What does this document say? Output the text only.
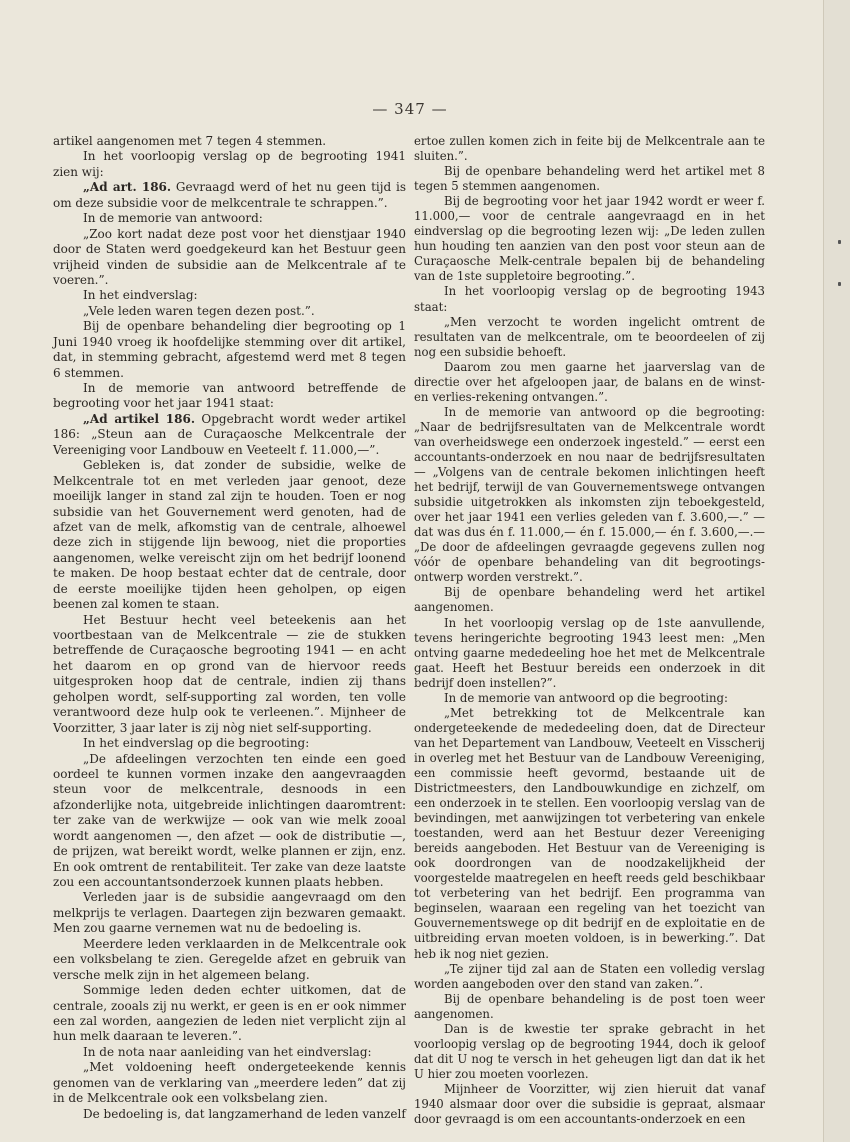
— 347 —

artikel aangenomen met 7 tegen 4 stemmen.

In het voorloopig verslag op de begrooting 1941 zien wij:

„Ad art. 186. Gevraagd werd of het nu geen tijd is om deze subsidie voor de melkcentrale te schrappen.”.

In de memorie van antwoord:

„Zoo kort nadat deze post voor het dienstjaar 1940 door de Staten werd goedgekeurd kan het Bestuur geen vrijheid vinden de subsidie aan de Melkcentrale af te voeren.”.

In het eindverslag:

„Vele leden waren tegen dezen post.”.

Bij de openbare behandeling dier begrooting op 1 Juni 1940 vroeg ik hoofdelijke stemming over dit artikel, dat, in stemming gebracht, afgestemd werd met 8 tegen 6 stemmen.

In de memorie van antwoord betreffende de begrooting voor het jaar 1941 staat:

„Ad artikel 186. Opgebracht wordt weder artikel 186: „Steun aan de Curaçaosche Melkcentrale der Vereeniging voor Landbouw en Veeteelt f. 11.000,—”.

Gebleken is, dat zonder de subsidie, welke de Melkcentrale tot en met verleden jaar genoot, deze moeilijk langer in stand zal zijn te houden. Toen er nog subsidie van het Gouvernement werd genoten, had de afzet van de melk, afkomstig van de centrale, alhoewel deze zich in stijgende lijn bewoog, niet die proporties aangenomen, welke vereischt zijn om het bedrijf loonend te maken. De hoop bestaat echter dat de centrale, door de eerste moeilijke tijden heen geholpen, op eigen beenen zal komen te staan.

Het Bestuur hecht veel beteekenis aan het voortbestaan van de Melkcentrale — zie de stukken betreffende de Curaçaosche begrooting 1941 — en acht het daarom en op grond van de hiervoor reeds uitgesproken hoop dat de centrale, indien zij thans geholpen wordt, self-supporting zal worden, ten volle verantwoord deze hulp ook te verleenen.”. Mijnheer de Voorzitter, 3 jaar later is zij nòg niet self-supporting.

In het eindverslag op die begrooting:

„De afdeelingen verzochten ten einde een goed oordeel te kunnen vormen inzake den aangevraagden steun voor de melkcentrale, desnoods in een afzonderlijke nota, uitgebreide inlichtingen daaromtrent: ter zake van de werkwijze — ook van wie melk zooal wordt aangenomen —, den afzet — ook de distributie —, de prijzen, wat bereikt wordt, welke plannen er zijn, enz. En ook omtrent de rentabiliteit. Ter zake van deze laatste zou een accountantsonderzoek kunnen plaats hebben.

Verleden jaar is de subsidie aangevraagd om den melkprijs te verlagen. Daartegen zijn bezwaren gemaakt. Men zou gaarne vernemen wat nu de bedoeling is.

Meerdere leden verklaarden in de Melkcentrale ook een volksbelang te zien. Geregelde afzet en gebruik van versche melk zijn in het algemeen belang.

Sommige leden deden echter uitkomen, dat de centrale, zooals zij nu werkt, er geen is en er ook nimmer een zal worden, aangezien de leden niet verplicht zijn al hun melk daaraan te leveren.”.

In de nota naar aanleiding van het eindverslag:

„Met voldoening heeft ondergeteekende kennis genomen van de verklaring van „meerdere leden” dat zij in de Melkcentrale ook een volksbelang zien.

De bedoeling is, dat langzamerhand de leden vanzelf

ertoe zullen komen zich in feite bij de Melkcentrale aan te sluiten.”.

Bij de openbare behandeling werd het artikel met 8 tegen 5 stemmen aangenomen.

Bij de begrooting voor het jaar 1942 wordt er weer f. 11.000,— voor de centrale aangevraagd en in het eindverslag op die begrooting lezen wij: „De leden zullen hun houding ten aanzien van den post voor steun aan de Curaçaosche Melk-centrale bepalen bij de behandeling van de 1ste suppletoire begrooting.”.

In het voorloopig verslag op de begrooting 1943 staat:

„Men verzocht te worden ingelicht omtrent de resultaten van de melkcentrale, om te beoordeelen of zij nog een subsidie behoeft.

Daarom zou men gaarne het jaarverslag van de directie over het afgeloopen jaar, de balans en de winst- en verlies-rekening ontvangen.”.

In de memorie van antwoord op die begrooting: „Naar de bedrijfsresultaten van de Melkcentrale wordt van overheidswege een onderzoek ingesteld.” — eerst een accountants-onderzoek en nou naar de bedrijfsresultaten — „Volgens van de centrale bekomen inlichtingen heeft het bedrijf, terwijl de van Gouvernementswege ontvangen subsidie uitgetrokken als inkomsten zijn teboekgesteld, over het jaar 1941 een verlies geleden van f. 3.600,—.” — dat was dus én f. 11.000,— én f. 15.000,— én f. 3.600,—.— „De door de afdeelingen gevraagde gegevens zullen nog vóór de openbare behandeling van dit begrootings-ontwerp worden verstrekt.”.

Bij de openbare behandeling werd het artikel aangenomen.

In het voorloopig verslag op de 1ste aanvullende, tevens heringerichte begrooting 1943 leest men: „Men ontving gaarne mededeeling hoe het met de Melkcentrale gaat. Heeft het Bestuur bereids een onderzoek in dit bedrijf doen instellen?”.

In de memorie van antwoord op die begrooting:

„Met betrekking tot de Melkcentrale kan ondergeteekende de mededeeling doen, dat de Directeur van het Departement van Landbouw, Veeteelt en Visscherij in overleg met het Bestuur van de Landbouw Vereeniging, een commissie heeft gevormd, bestaande uit de Districtmeesters, den Landbouwkundige en zichzelf, om een onderzoek in te stellen. Een voorloopig verslag van de bevindingen, met aanwijzingen tot verbetering van enkele toestanden, werd aan het Bestuur dezer Vereeniging bereids aangeboden. Het Bestuur van de Vereeniging is ook doordrongen van de noodzakelijkheid der voorgestelde maatregelen en heeft reeds geld beschikbaar tot verbetering van het bedrijf. Een programma van beginselen, waaraan een regeling van het toezicht van Gouvernementswege op dit bedrijf en de exploitatie en de uitbreiding ervan moeten voldoen, is in bewerking.”. Dat heb ik nog niet gezien.

„Te zijner tijd zal aan de Staten een volledig verslag worden aangeboden over den stand van zaken.”.

Bij de openbare behandeling is de post toen weer aangenomen.

Dan is de kwestie ter sprake gebracht in het voorloopig verslag op de begrooting 1944, doch ik geloof dat dit U nog te versch in het geheugen ligt dan dat ik het U hier zou moeten voorlezen.

Mijnheer de Voorzitter, wij zien hieruit dat vanaf 1940 alsmaar door over die subsidie is gepraat, alsmaar door gevraagd is om een accountants-onderzoek en een
